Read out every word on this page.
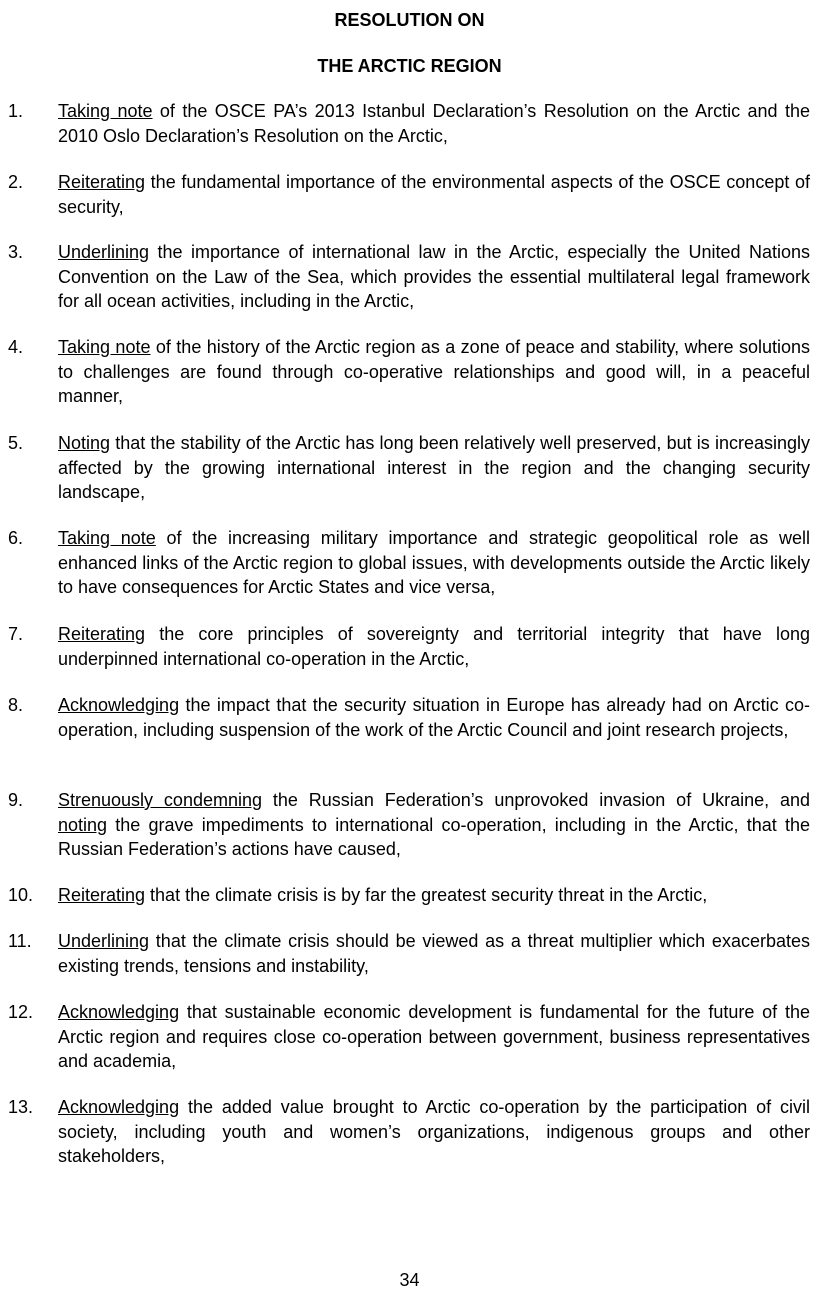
RESOLUTION ON
THE ARCTIC REGION
1. Taking note of the OSCE PA’s 2013 Istanbul Declaration’s Resolution on the Arctic and the 2010 Oslo Declaration’s Resolution on the Arctic,
2. Reiterating the fundamental importance of the environmental aspects of the OSCE concept of security,
3. Underlining the importance of international law in the Arctic, especially the United Nations Convention on the Law of the Sea, which provides the essential multilateral legal framework for all ocean activities, including in the Arctic,
4. Taking note of the history of the Arctic region as a zone of peace and stability, where solutions to challenges are found through co-operative relationships and good will, in a peaceful manner,
5. Noting that the stability of the Arctic has long been relatively well preserved, but is increasingly affected by the growing international interest in the region and the changing security landscape,
6. Taking note of the increasing military importance and strategic geopolitical role as well enhanced links of the Arctic region to global issues, with developments outside the Arctic likely to have consequences for Arctic States and vice versa,
7. Reiterating the core principles of sovereignty and territorial integrity that have long underpinned international co-operation in the Arctic,
8. Acknowledging the impact that the security situation in Europe has already had on Arctic co-operation, including suspension of the work of the Arctic Council and joint research projects,
9. Strenuously condemning the Russian Federation’s unprovoked invasion of Ukraine, and noting the grave impediments to international co-operation, including in the Arctic, that the Russian Federation’s actions have caused,
10. Reiterating that the climate crisis is by far the greatest security threat in the Arctic,
11. Underlining that the climate crisis should be viewed as a threat multiplier which exacerbates existing trends, tensions and instability,
12. Acknowledging that sustainable economic development is fundamental for the future of the Arctic region and requires close co-operation between government, business representatives and academia,
13. Acknowledging the added value brought to Arctic co-operation by the participation of civil society, including youth and women’s organizations, indigenous groups and other stakeholders,
34
